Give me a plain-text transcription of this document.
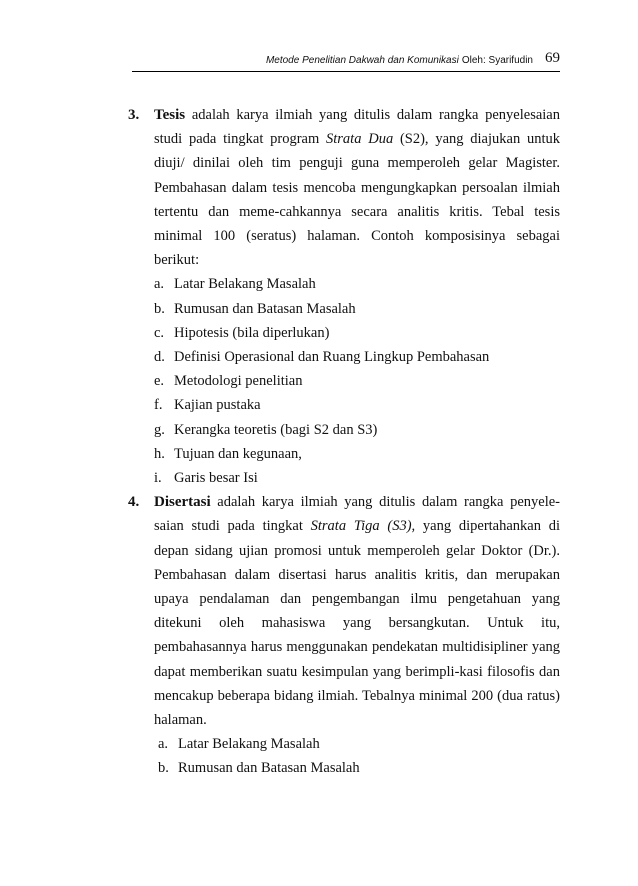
Metode Penelitian Dakwah dan Komunikasi Oleh: Syarifudin 69
3. Tesis adalah karya ilmiah yang ditulis dalam rangka penyelesaian studi pada tingkat program Strata Dua (S2), yang diajukan untuk diuji/ dinilai oleh tim penguji guna memperoleh gelar Magister. Pembahasan dalam tesis mencoba mengungkapkan persoalan ilmiah tertentu dan meme-cahkannya secara analitis kritis. Tebal tesis minimal 100 (seratus) halaman. Contoh komposisinya sebagai berikut:
a. Latar Belakang Masalah
b. Rumusan dan Batasan Masalah
c. Hipotesis (bila diperlukan)
d. Definisi Operasional dan Ruang Lingkup Pembahasan
e. Metodologi penelitian
f. Kajian pustaka
g. Kerangka teoretis (bagi S2 dan S3)
h. Tujuan dan kegunaan,
i. Garis besar Isi
4. Disertasi adalah karya ilmiah yang ditulis dalam rangka penyele-saian studi pada tingkat Strata Tiga (S3), yang dipertahankan di depan sidang ujian promosi untuk memperoleh gelar Doktor (Dr.). Pembahasan dalam disertasi harus analitis kritis, dan merupakan upaya pendalaman dan pengembangan ilmu pengetahuan yang ditekuni oleh mahasiswa yang bersangkutan. Untuk itu, pembahasannya harus menggunakan pendekatan multidisipliner yang dapat memberikan suatu kesimpulan yang berimpli-kasi filosofis dan mencakup beberapa bidang ilmiah. Tebalnya minimal 200 (dua ratus) halaman.
a. Latar Belakang Masalah
b. Rumusan dan Batasan Masalah
